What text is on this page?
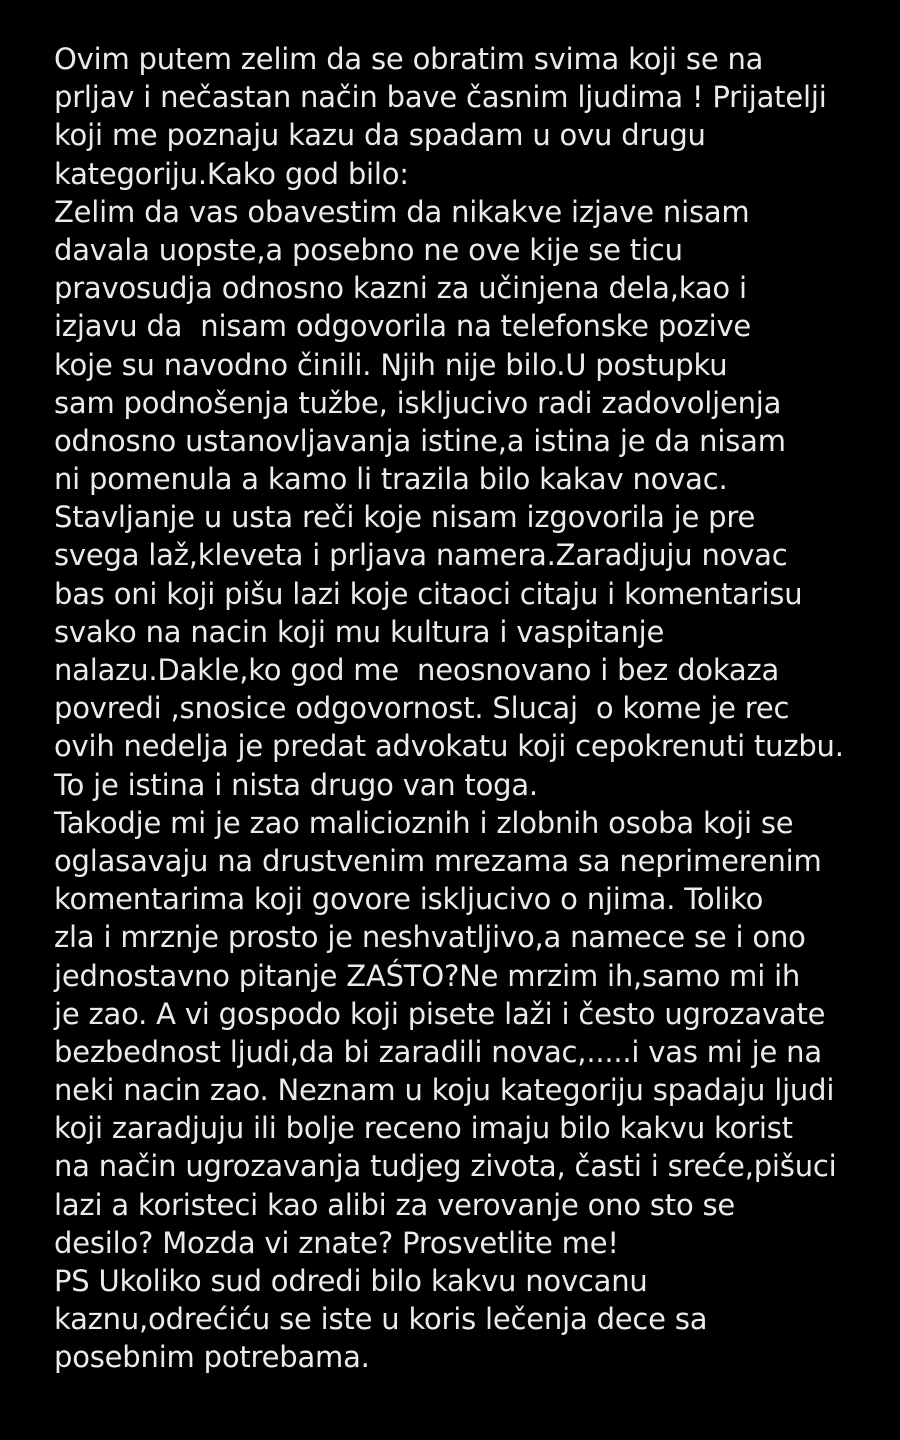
Ovim putem zelim da se obratim svima koji se na
prljav i nečastan način bave časnim ljudima ! Prijatelji
koji me poznaju kazu da spadam u ovu drugu
kategoriju.Kako god bilo:
Zelim da vas obavestim da nikakve izjave nisam
davala uopste,a posebno ne ove kije se ticu
pravosudja odnosno kazni za učinjena dela,kao i
izjavu da  nisam odgovorila na telefonske pozive
koje su navodno činili. Njih nije bilo.U postupku
sam podnošenja tužbe, iskljucivo radi zadovoljenja
odnosno ustanovljavanja istine,a istina je da nisam
ni pomenula a kamo li trazila bilo kakav novac.
Stavljanje u usta reči koje nisam izgovorila je pre
svega laž,kleveta i prljava namera.Zaradjuju novac
bas oni koji pišu lazi koje citaoci citaju i komentarisu
svako na nacin koji mu kultura i vaspitanje
nalazu.Dakle,ko god me  neosnovano i bez dokaza
povredi ,snosice odgovornost. Slucaj  o kome je rec
ovih nedelja je predat advokatu koji cepokrenuti tuzbu.
To je istina i nista drugo van toga.
Takodje mi je zao malicioznih i zlobnih osoba koji se
oglasavaju na drustvenim mrezama sa neprimerenim
komentarima koji govore iskljucivo o njima. Toliko
zla i mrznje prosto je neshvatljivo,a namece se i ono
jednostavno pitanje ZAŚTO?Ne mrzim ih,samo mi ih
je zao. A vi gospodo koji pisete laži i često ugrozavate
bezbednost ljudi,da bi zaradili novac,.....i vas mi je na
neki nacin zao. Neznam u koju kategoriju spadaju ljudi
koji zaradjuju ili bolje receno imaju bilo kakvu korist
na način ugrozavanja tudjeg zivota, časti i sreće,pišuci
lazi a koristeci kao alibi za verovanje ono sto se
desilo? Mozda vi znate? Prosvetlite me!
PS Ukoliko sud odredi bilo kakvu novcanu
kaznu,odrećiću se iste u koris lečenja dece sa
posebnim potrebama.
